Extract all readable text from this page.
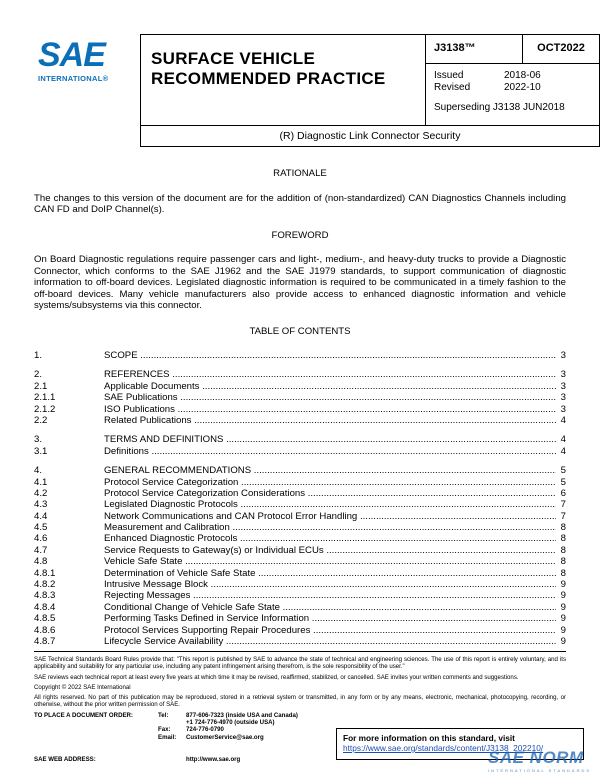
SAE
INTERNATIONAL®
SURFACE VEHICLE
RECOMMENDED PRACTICE
J3138™	OCT2022
Issued	2018-06
Revised	2022-10
Superseding J3138 JUN2018
(R) Diagnostic Link Connector Security
RATIONALE

The changes to this version of the document are for the addition of (non-standardized) CAN Diagnostics Channels including CAN FD and DoIP Channel(s).

FOREWORD

On Board Diagnostic regulations require passenger cars and light-, medium-, and heavy-duty trucks to provide a Diagnostic Connector, which conforms to the SAE J1962 and the SAE J1979 standards, to support communication of diagnostic information to off-board devices. Legislated diagnostic information is required to be communicated in a timely fashion to the off-board devices. Many vehicle manufacturers also provide access to enhanced diagnostic information and vehicle systems/subsystems via this connector.

TABLE OF CONTENTS
1.	SCOPE .....	3
2.	REFERENCES .....	3
2.1	Applicable Documents .....	3
2.1.1	SAE Publications .....	3
2.1.2	ISO Publications .....	3
2.2	Related Publications .....	4
3.	TERMS AND DEFINITIONS .....	4
3.1	Definitions .....	4
4.	GENERAL RECOMMENDATIONS .....	5
4.1	Protocol Service Categorization .....	5
4.2	Protocol Service Categorization Considerations .....	6
4.3	Legislated Diagnostic Protocols .....	7
4.4	Network Communications and CAN Protocol Error Handling .....	7
4.5	Measurement and Calibration .....	8
4.6	Enhanced Diagnostic Protocols .....	8
4.7	Service Requests to Gateway(s) or Individual ECUs .....	8
4.8	Vehicle Safe State .....	8
4.8.1	Determination of Vehicle Safe State .....	8
4.8.2	Intrusive Message Block .....	9
4.8.3	Rejecting Messages .....	9
4.8.4	Conditional Change of Vehicle Safe State .....	9
4.8.5	Performing Tasks Defined in Service Information .....	9
4.8.6	Protocol Services Supporting Repair Procedures .....	9
4.8.7	Lifecycle Service Availability .....	9

SAE Technical Standards Board Rules provide that: "This report is published by SAE to advance the state of technical and engineering sciences. The use of this report is entirely voluntary, and its applicability and suitability for any particular use, including any patent infringement arising therefrom, is the sole responsibility of the user."

SAE reviews each technical report at least every five years at which time it may be revised, reaffirmed, stabilized, or cancelled. SAE invites your written comments and suggestions.

Copyright © 2022 SAE International

All rights reserved. No part of this publication may be reproduced, stored in a retrieval system or transmitted, in any form or by any means, electronic, mechanical, photocopying, recording, or otherwise, without the prior written permission of SAE.

TO PLACE A DOCUMENT ORDER:	Tel:	877-606-7323 (inside USA and Canada)
+1 724-776-4970 (outside USA)
Fax:	724-776-0790
Email:	CustomerService@sae.org
SAE WEB ADDRESS:	http://www.sae.org
For more information on this standard, visit
https://www.sae.org/standards/content/J3138_202210/
SAE NORM
INTERNATIONAL STANDARDS
